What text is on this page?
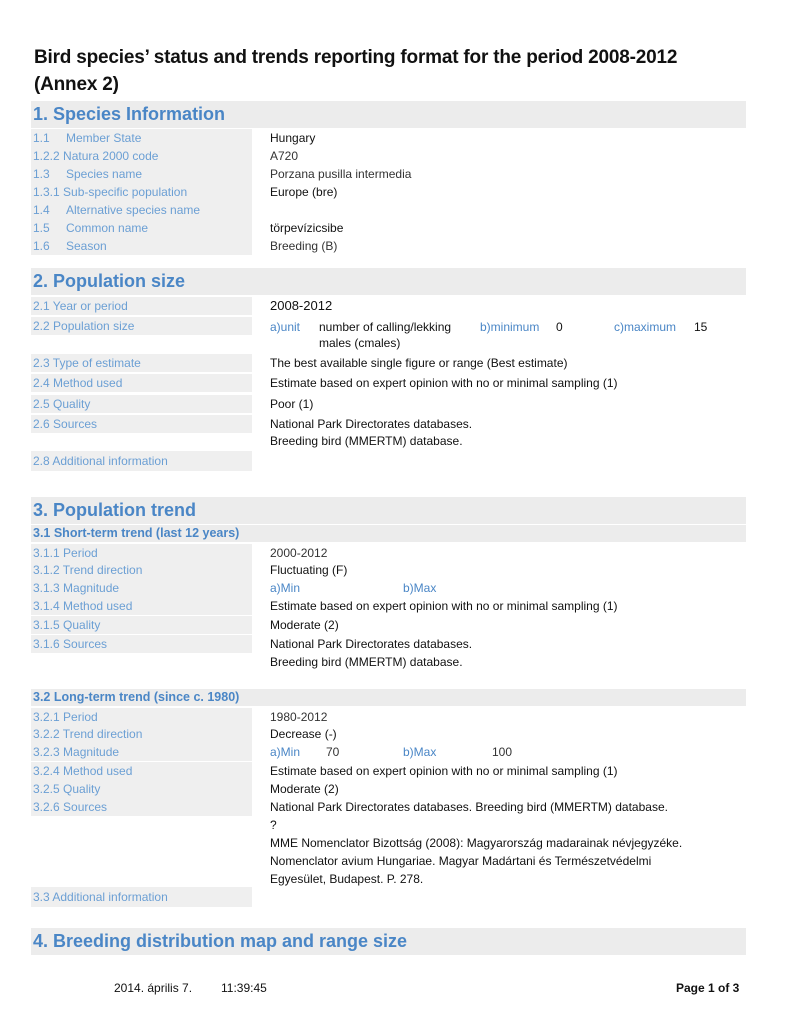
Bird species’ status and trends reporting format for the period 2008-2012
(Annex 2)
1. Species Information
1.1 Member State	Hungary
1.2.2 Natura 2000 code	A720
1.3 Species name	Porzana pusilla intermedia
1.3.1 Sub-specific population	Europe (bre)
1.4 Alternative species name
1.5 Common name	törpevízicsibe
1.6 Season	Breeding (B)
2. Population size
2.1 Year or period	2008-2012
2.2 Population size	a)unit number of calling/lekking
males (cmales)
b)minimum 0	c)maximum 15
2.3 Type of estimate	The best available single figure or range (Best estimate)
2.4 Method used	Estimate based on expert opinion with no or minimal sampling (1)
2.5 Quality	Poor (1)
2.6 Sources	National Park Directorates databases.
Breeding bird (MMERTM) database.
2.8 Additional information
3. Population trend
3.1 Short-term trend (last 12 years)
3.1.1 Period	2000-2012
3.1.2 Trend direction	Fluctuating (F)
3.1.3 Magnitude	a)Min	b)Max
3.1.4 Method used	Estimate based on expert opinion with no or minimal sampling (1)
3.1.5 Quality	Moderate (2)
3.1.6 Sources	National Park Directorates databases.
Breeding bird (MMERTM) database.
3.2 Long-term trend (since c. 1980)
3.2.1 Period	1980-2012
3.2.2 Trend direction	Decrease (-)
3.2.3 Magnitude	a)Min 70	b)Max	100
3.2.4 Method used	Estimate based on expert opinion with no or minimal sampling (1)
3.2.5 Quality	Moderate (2)
3.2.6 Sources	National Park Directorates databases. Breeding bird (MMERTM) database.
?
MME Nomenclator Bizottság (2008): Magyarország madarainak névjegyzéke.
Nomenclator avium Hungariae. Magyar Madártani és Természetvédelmi
Egyesület, Budapest. P. 278.
3.3 Additional information
4. Breeding distribution map and range size
2014. április 7. 11:39:45	Page 1 of 3
